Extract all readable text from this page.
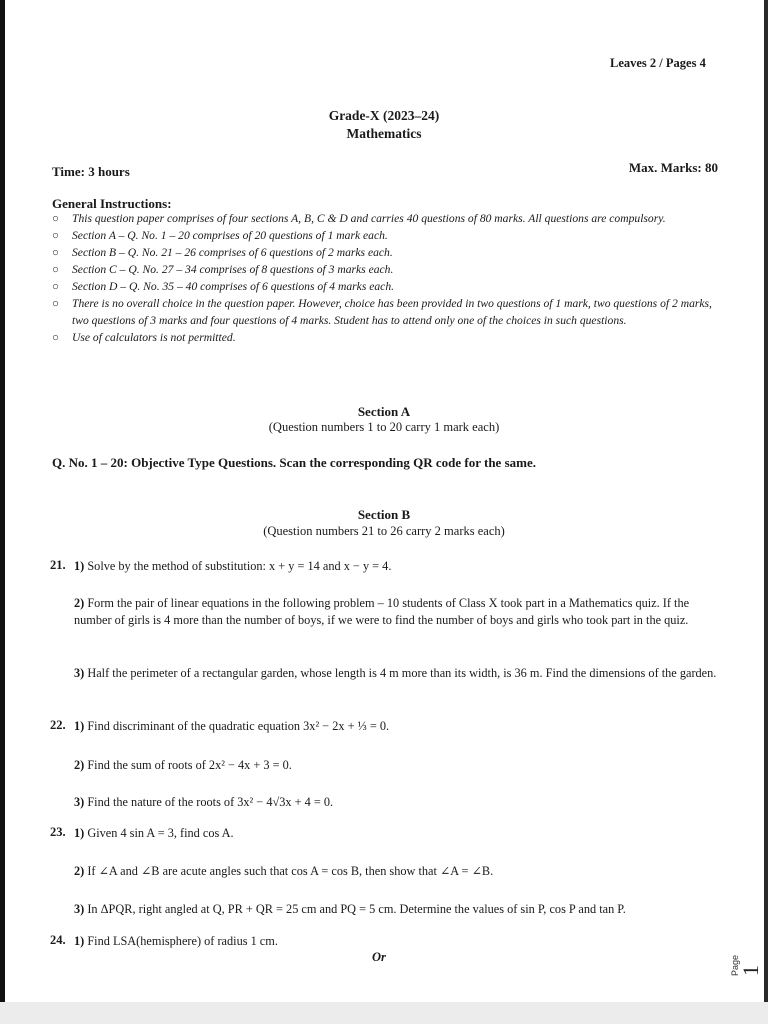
Leaves 2 / Pages 4
Grade-X (2023–24)
Mathematics
Time: 3 hours	Max. Marks: 80
General Instructions:
○ This question paper comprises of four sections A, B, C & D and carries 40 questions of 80 marks. All questions are compulsory.
○ Section A – Q. No. 1 – 20 comprises of 20 questions of 1 mark each.
○ Section B – Q. No. 21 – 26 comprises of 6 questions of 2 marks each.
○ Section C – Q. No. 27 – 34 comprises of 8 questions of 3 marks each.
○ Section D – Q. No. 35 – 40 comprises of 6 questions of 4 marks each.
○ There is no overall choice in the question paper. However, choice has been provided in two questions of 1 mark, two questions of 2 marks, two questions of 3 marks and four questions of 4 marks. Student has to attend only one of the choices in such questions.
○ Use of calculators is not permitted.
Section A
(Question numbers 1 to 20 carry 1 mark each)
Q. No. 1 – 20: Objective Type Questions. Scan the corresponding QR code for the same.
Section B
(Question numbers 21 to 26 carry 2 marks each)
21. 1) Solve by the method of substitution: x + y = 14 and x − y = 4.
2) Form the pair of linear equations in the following problem – 10 students of Class X took part in a Mathematics quiz. If the number of girls is 4 more than the number of boys, if we were to find the number of boys and girls who took part in the quiz.
3) Half the perimeter of a rectangular garden, whose length is 4 m more than its width, is 36 m. Find the dimensions of the garden.
22. 1) Find discriminant of the quadratic equation 3x² − 2x + ⅓ = 0.
2) Find the sum of roots of 2x² − 4x + 3 = 0.
3) Find the nature of the roots of 3x² − 4√3x + 4 = 0.
23. 1) Given 4 sin A = 3, find cos A.
2) If ∠A and ∠B are acute angles such that cos A = cos B, then show that ∠A = ∠B.
3) In ΔPQR, right angled at Q, PR + QR = 25 cm and PQ = 5 cm. Determine the values of sin P, cos P and tan P.
24. 1) Find LSA(hemisphere) of radius 1 cm.
Or	Page
1
